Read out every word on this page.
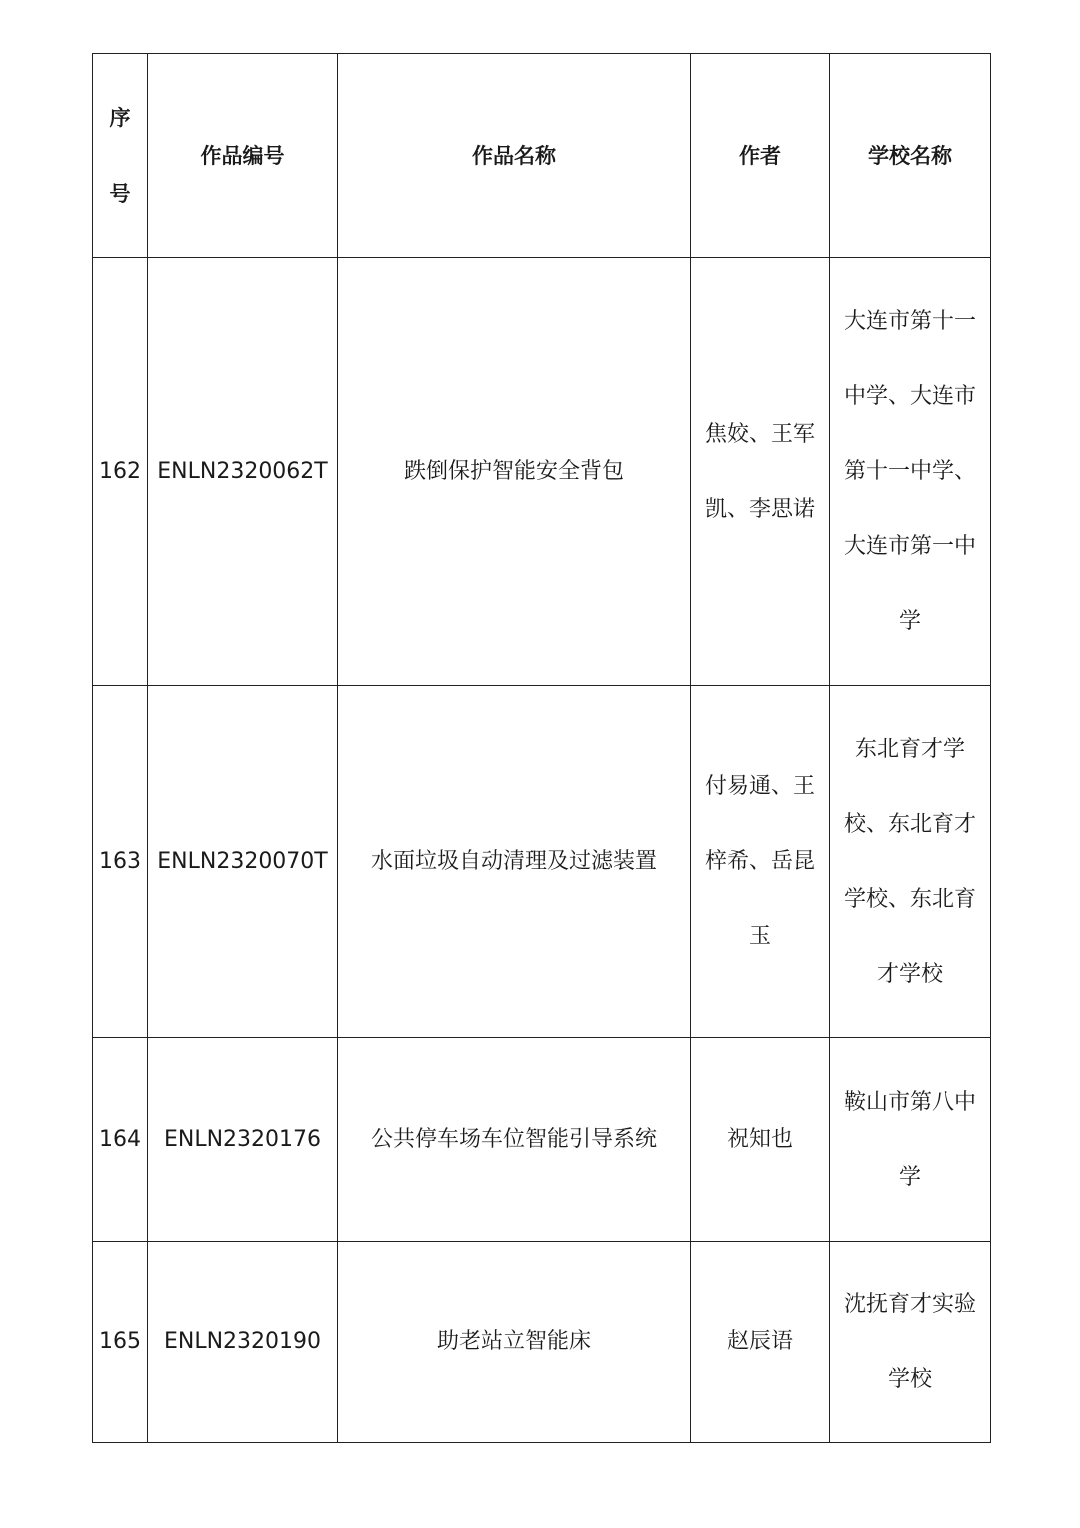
序号	作品编号	作品名称	作者	学校名称
162	ENLN2320062T	跌倒保护智能安全背包	焦姣、王军凯、李思诺	大连市第十一中学、大连市第十一中学、大连市第一中学

163	ENLN2320070T	水面垃圾自动清理及过滤装置	付易通、王梓希、岳昆玉	东北育才学校、东北育才学校、东北育才学校

164	ENLN2320176	公共停车场车位智能引导系统	祝知也	鞍山市第八中学

165	ENLN2320190	助老站立智能床	赵辰语	沈抚育才实验学校
